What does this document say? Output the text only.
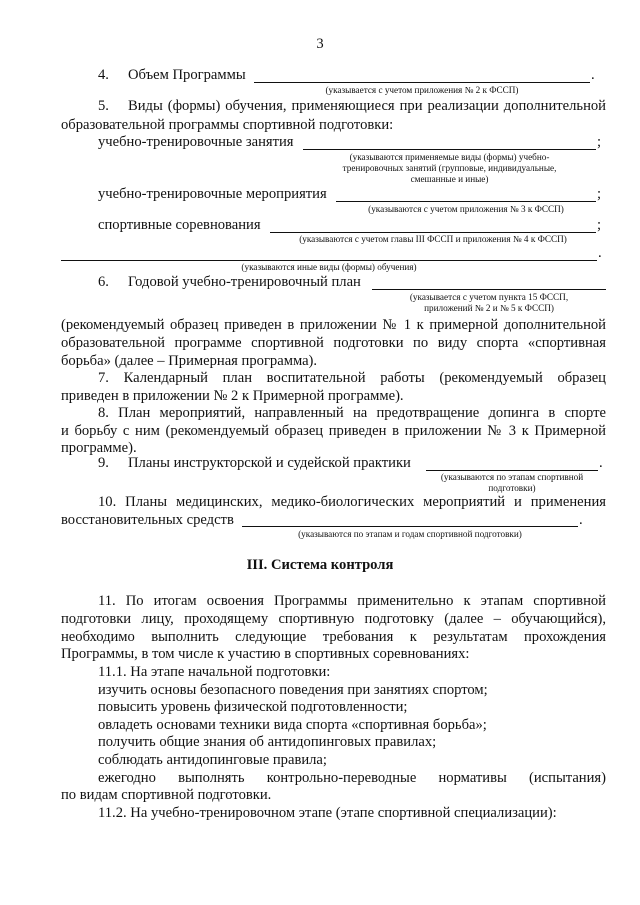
3
4. Объем Программы	.
(указывается с учетом приложения № 2 к ФССП)
5. Виды (формы) обучения, применяющиеся при реализации дополнительной
образовательной программы спортивной подготовки:
учебно-тренировочные занятия	;
(указываются применяемые виды (формы) учебно-
тренировочных занятий (групповые, индивидуальные,
смешанные и иные)
учебно-тренировочные мероприятия	;
(указываются с учетом приложения № 3 к ФССП)
спортивные соревнования	;
(указываются с учетом главы III ФССП и приложения № 4 к ФССП)
.
(указываются иные виды (формы) обучения)
6. Годовой учебно-тренировочный план
(указывается с учетом пункта 15 ФССП,
приложений № 2 и № 5 к ФССП)
(рекомендуемый образец приведен в приложении № 1 к примерной дополнительной
образовательной программе спортивной подготовки по виду спорта «спортивная
борьба» (далее – Примерная программа).
7. Календарный план воспитательной работы (рекомендуемый образец
приведен в приложении № 2 к Примерной программе).
8. План мероприятий, направленный на предотвращение допинга в спорте
и борьбу с ним (рекомендуемый образец приведен в приложении № 3 к Примерной
программе).
9. Планы инструкторской и судейской практики	.
(указываются по этапам спортивной
подготовки)
10. Планы медицинских, медико-биологических мероприятий и применения
восстановительных средств	.
(указываются по этапам и годам спортивной подготовки)
III. Система контроля
11. По итогам освоения Программы применительно к этапам спортивной
подготовки лицу, проходящему спортивную подготовку (далее – обучающийся),
необходимо выполнить следующие требования к результатам прохождения
Программы, в том числе к участию в спортивных соревнованиях:
11.1. На этапе начальной подготовки:
изучить основы безопасного поведения при занятиях спортом;
повысить уровень физической подготовленности;
овладеть основами техники вида спорта «спортивная борьба»;
получить общие знания об антидопинговых правилах;
соблюдать антидопинговые правила;
ежегодно выполнять контрольно-переводные нормативы (испытания)
по видам спортивной подготовки.
11.2. На учебно-тренировочном этапе (этапе спортивной специализации):
